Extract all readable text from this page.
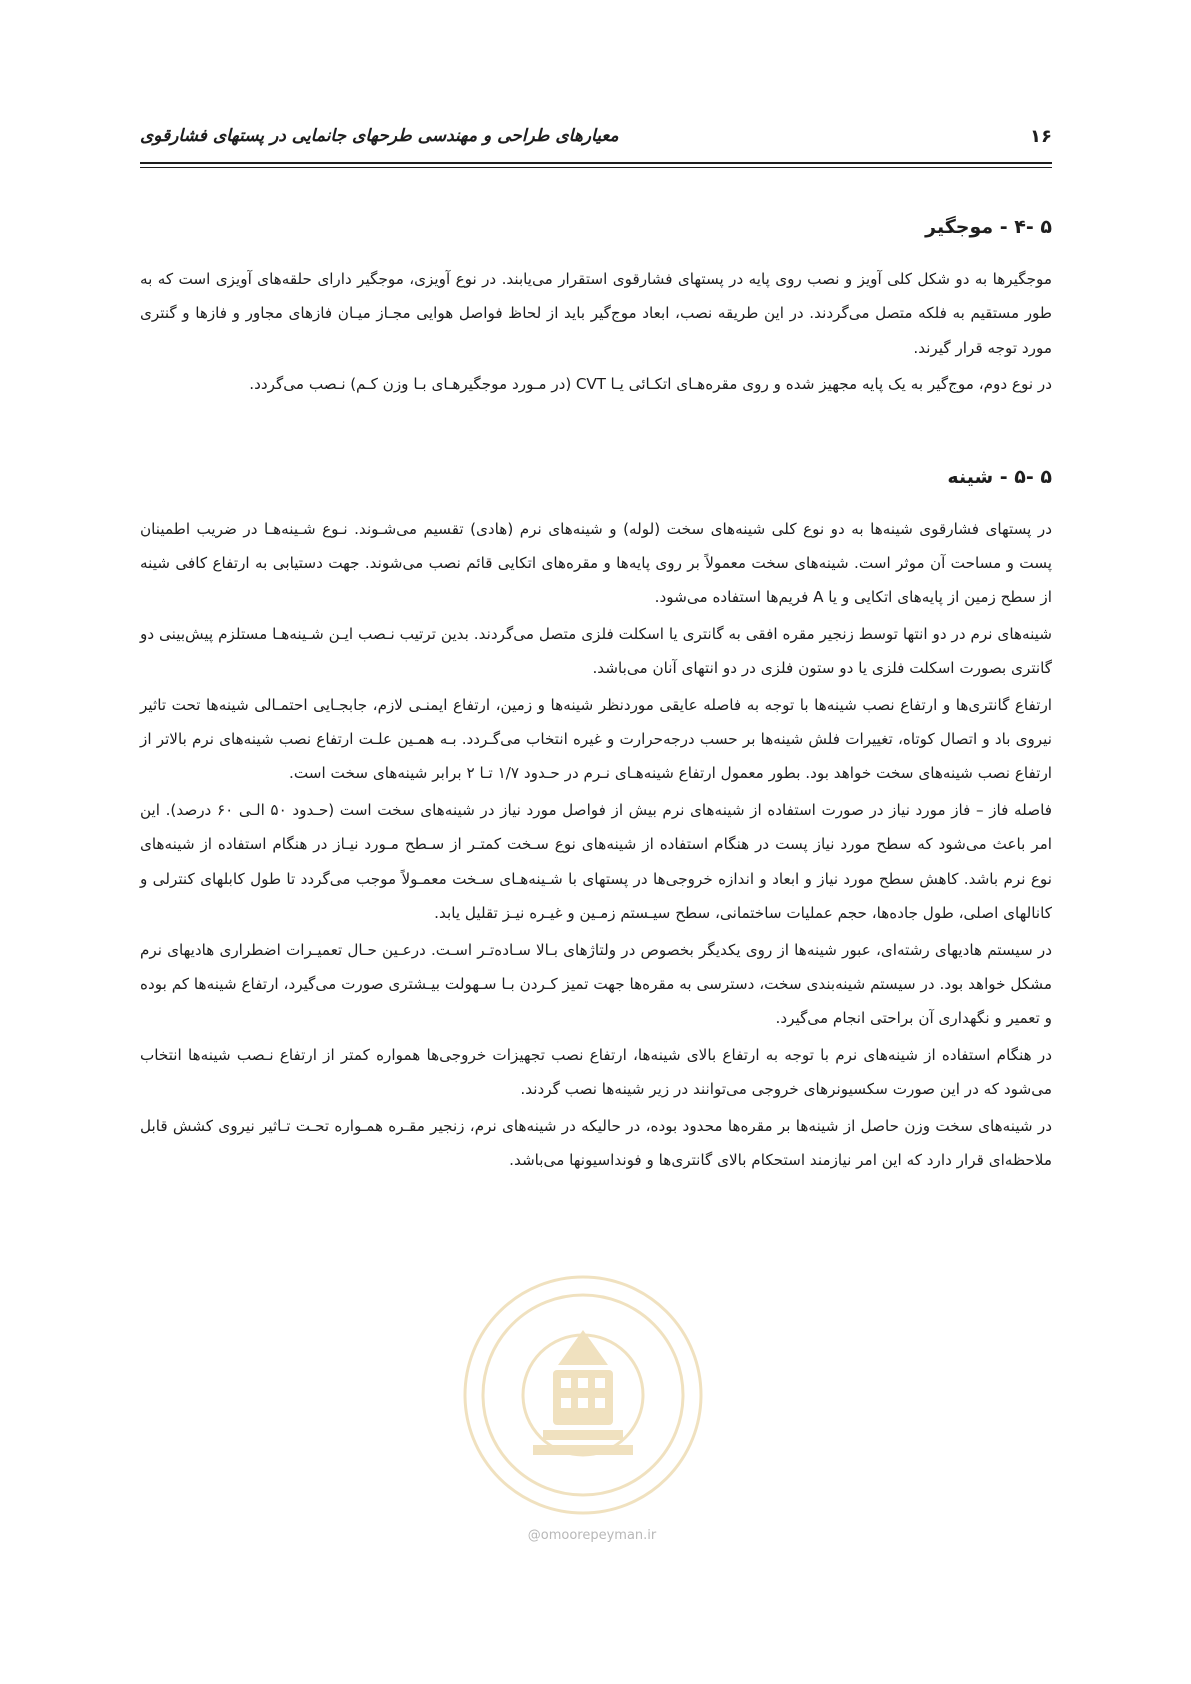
۱۶
معیارهای طراحی و مهندسی طرحهای جانمایی در پستهای فشارقوی
۵ -۴ - موجگیر

موجگیرها به دو شکل کلی آویز و نصب روی پایه در پستهای فشارقوی استقرار می‌یابند. در نوع آویزی، موجگیر دارای حلقه‌های آویزی است که به طور مستقیم به فلکه متصل می‌گردند. در این طریقه نصب، ابعاد موج‌گیر باید از لحاظ فواصل هوایی مجـاز میـان فازهای مجاور و فازها و گنتری مورد توجه قرار گیرند.

در نوع دوم، موج‌گیر به یک پایه مجهیز شده و روی مقره‌هـای اتکـائی یـا CVT (در مـورد موجگیرهـای بـا وزن کـم) نـصب می‌گردد.

۵ -۵ - شینه

در پستهای فشارقوی شینه‌ها به دو نوع کلی شینه‌های سخت (لوله) و شینه‌های نرم (هادی) تقسیم می‌شـوند. نـوع شـینه‌هـا در ضریب اطمینان پست و مساحت آن موثر است. شینه‌های سخت معمولاً بر روی پایه‌ها و مقره‌های اتکایی قائم نصب می‌شوند. جهت دستیابی به ارتفاع کافی شینه از سطح زمین از پایه‌های اتکایی و یا A فریم‌ها استفاده می‌شود.

شینه‌های نرم در دو انتها توسط زنجیر مقره افقی به گانتری یا اسکلت فلزی متصل می‌گردند. بدین ترتیب نـصب ایـن شـینه‌هـا مستلزم پیش‌بینی دو گانتری بصورت اسکلت فلزی یا دو ستون فلزی در دو انتهای آنان می‌باشد.

ارتفاع گانتری‌ها و ارتفاع نصب شینه‌ها با توجه به فاصله عایقی موردنظر شینه‌ها و زمین، ارتفاع ایمنـی لازم، جابجـایی احتمـالی شینه‌ها تحت تاثیر نیروی باد و اتصال کوتاه، تغییرات فلش شینه‌ها بر حسب درجه‌حرارت و غیره انتخاب می‌گـردد. بـه همـین علـت ارتفاع نصب شینه‌های نرم بالاتر از ارتفاع نصب شینه‌های سخت خواهد بود. بطور معمول ارتفاع شینه‌هـای نـرم در حـدود ۱/۷ تـا ۲ برابر شینه‌های سخت است.

فاصله فاز – فاز مورد نیاز در صورت استفاده از شینه‌های نرم بیش از فواصل مورد نیاز در شینه‌های سخت است (حـدود ۵۰ الـی ۶۰ درصد). این امر باعث می‌شود که سطح مورد نیاز پست در هنگام استفاده از شینه‌های نوع سـخت کمتـر از سـطح مـورد نیـاز در هنگام استفاده از شینه‌های نوع نرم باشد. کاهش سطح مورد نیاز و ابعاد و اندازه خروجی‌ها در پستهای با شـینه‌هـای سـخت معمـولاً موجب می‌گردد تا طول کابلهای کنترلی و کانالهای اصلی، طول جاده‌ها، حجم عملیات ساختمانی، سطح سیـستم زمـین و غیـره نیـز تقلیل یابد.

در سیستم هادیهای رشته‌ای، عبور شینه‌ها از روی یکدیگر بخصوص در ولتاژهای بـالا سـاده‌تـر اسـت. درعـین حـال تعمیـرات اضطراری هادیهای نرم مشکل خواهد بود. در سیستم شینه‌بندی سخت، دسترسی به مقره‌ها جهت تمیز کـردن بـا سـهولت بیـشتری صورت می‌گیرد، ارتفاع شینه‌ها کم بوده و تعمیر و نگهداری آن براحتی انجام می‌گیرد.

در هنگام استفاده از شینه‌های نرم با توجه به ارتفاع بالای شینه‌ها، ارتفاع نصب تجهیزات خروجی‌ها همواره کمتر از ارتفاع نـصب شینه‌ها انتخاب می‌شود که در این صورت سکسیونرهای خروجی می‌توانند در زیر شینه‌ها نصب گردند.

در شینه‌های سخت وزن حاصل از شینه‌ها بر مقره‌ها محدود بوده، در حالیکه در شینه‌های نرم، زنجیر مقـره همـواره تحـت تـاثیر نیروی کشش قابل ملاحظه‌ای قرار دارد که این امر نیازمند استحکام بالای گانتری‌ها و فونداسیونها می‌باشد.

@omoorepeyman.ir
